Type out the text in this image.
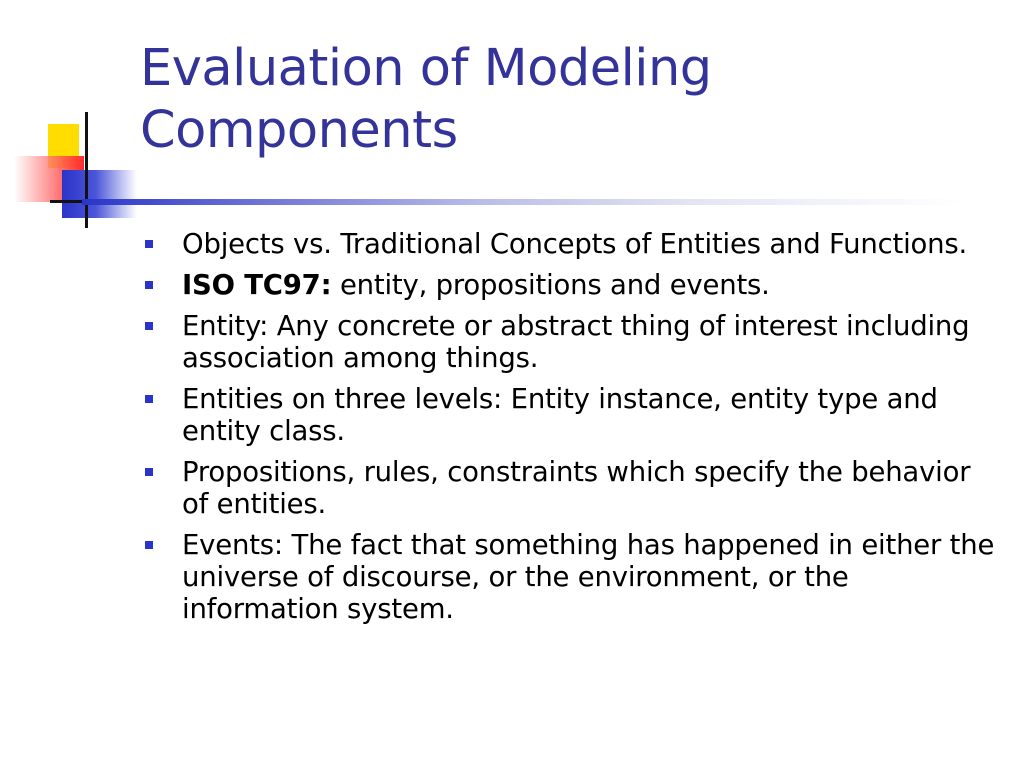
Evaluation of Modeling
Components
Objects vs. Traditional Concepts of Entities and Functions.
ISO TC97: entity, propositions and events.
Entity: Any concrete or abstract thing of interest including association among things.
Entities on three levels: Entity instance, entity type and entity class.
Propositions, rules, constraints which specify the behavior of entities.
Events: The fact that something has happened in either the universe of discourse, or the environment, or the information system.
